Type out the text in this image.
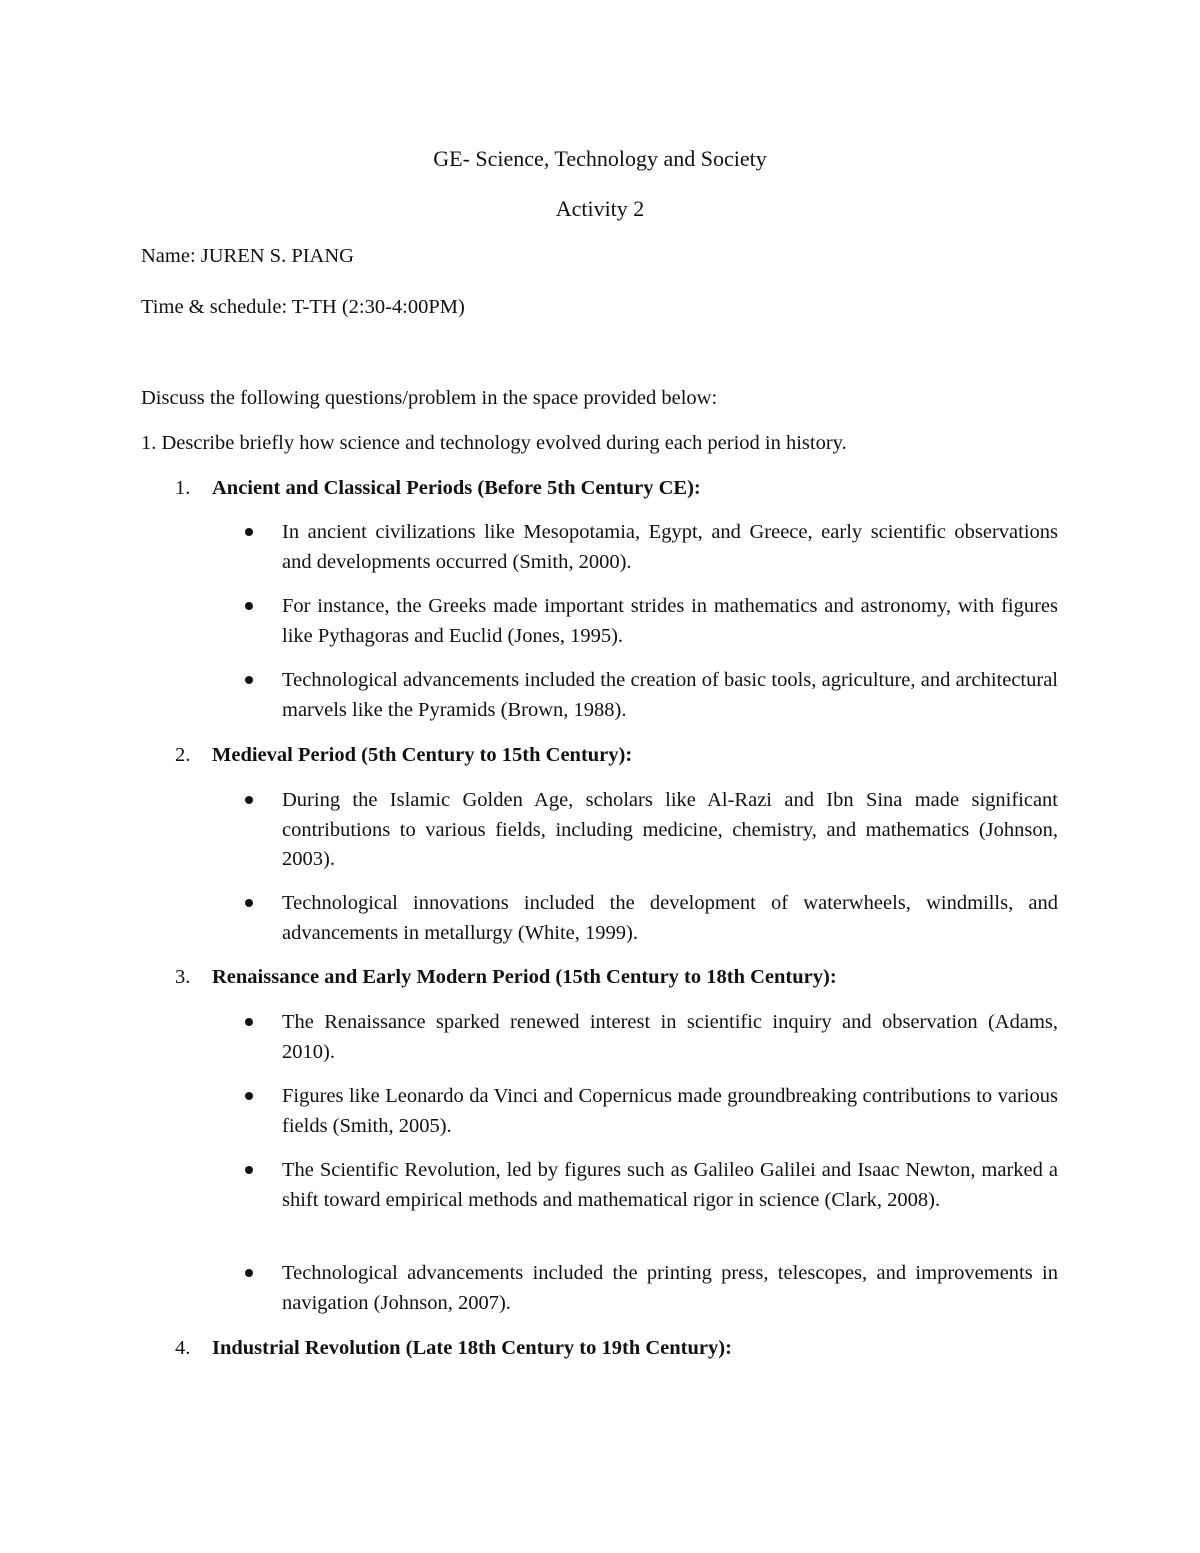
GE- Science, Technology and Society
Activity 2
Name: JUREN S. PIANG
Time & schedule: T-TH (2:30-4:00PM)
Discuss the following questions/problem in the space provided below:
1. Describe briefly how science and technology evolved during each period in history.
1. Ancient and Classical Periods (Before 5th Century CE):
In ancient civilizations like Mesopotamia, Egypt, and Greece, early scientific observations and developments occurred (Smith, 2000).
For instance, the Greeks made important strides in mathematics and astronomy, with figures like Pythagoras and Euclid (Jones, 1995).
Technological advancements included the creation of basic tools, agriculture, and architectural marvels like the Pyramids (Brown, 1988).
2. Medieval Period (5th Century to 15th Century):
During the Islamic Golden Age, scholars like Al-Razi and Ibn Sina made significant contributions to various fields, including medicine, chemistry, and mathematics (Johnson, 2003).
Technological innovations included the development of waterwheels, windmills, and advancements in metallurgy (White, 1999).
3. Renaissance and Early Modern Period (15th Century to 18th Century):
The Renaissance sparked renewed interest in scientific inquiry and observation (Adams, 2010).
Figures like Leonardo da Vinci and Copernicus made groundbreaking contributions to various fields (Smith, 2005).
The Scientific Revolution, led by figures such as Galileo Galilei and Isaac Newton, marked a shift toward empirical methods and mathematical rigor in science (Clark, 2008).
Technological advancements included the printing press, telescopes, and improvements in navigation (Johnson, 2007).
4. Industrial Revolution (Late 18th Century to 19th Century):
